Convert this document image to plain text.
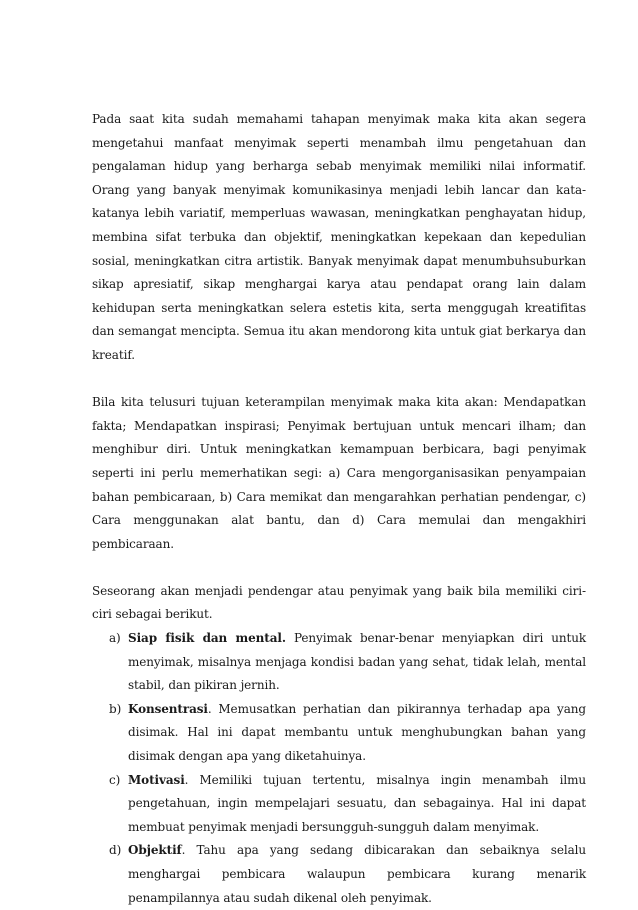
Pada saat kita sudah memahami tahapan menyimak maka kita akan segera mengetahui manfaat menyimak seperti menambah ilmu pengetahuan dan pengalaman hidup yang berharga sebab menyimak memiliki nilai informatif. Orang yang banyak menyimak komunikasinya menjadi lebih lancar dan kata-katanya lebih variatif, memperluas wawasan, meningkatkan penghayatan hidup, membina sifat terbuka dan objektif, meningkatkan kepekaan dan kepedulian sosial, meningkatkan citra artistik. Banyak menyimak dapat menumbuhsuburkan sikap apresiatif, sikap menghargai karya atau pendapat orang lain dalam kehidupan serta meningkatkan selera estetis kita, serta menggugah kreatifitas dan semangat mencipta. Semua itu akan mendorong kita untuk giat berkarya dan kreatif.

Bila kita telusuri tujuan keterampilan menyimak maka kita akan: Mendapatkan fakta; Mendapatkan inspirasi; Penyimak bertujuan untuk mencari ilham; dan menghibur diri. Untuk meningkatkan kemampuan berbicara, bagi penyimak seperti ini perlu memerhatikan segi: a) Cara mengorganisasikan penyampaian bahan pembicaraan, b) Cara memikat dan mengarahkan perhatian pendengar, c) Cara menggunakan alat bantu, dan d) Cara memulai dan mengakhiri pembicaraan.

Seseorang akan menjadi pendengar atau penyimak yang baik bila memiliki ciri-ciri sebagai berikut.

a) Siap fisik dan mental. Penyimak benar-benar menyiapkan diri untuk menyimak, misalnya menjaga kondisi badan yang sehat, tidak lelah, mental stabil, dan pikiran jernih.
b) Konsentrasi. Memusatkan perhatian dan pikirannya terhadap apa yang disimak. Hal ini dapat membantu untuk menghubungkan bahan yang disimak dengan apa yang diketahuinya.
c) Motivasi. Memiliki tujuan tertentu, misalnya ingin menambah ilmu pengetahuan, ingin mempelajari sesuatu, dan sebagainya. Hal ini dapat membuat penyimak menjadi bersungguh-sungguh dalam menyimak.
d) Objektif. Tahu apa yang sedang dibicarakan dan sebaiknya selalu menghargai pembicara walaupun pembicara kurang menarik penampilannya atau sudah dikenal oleh penyimak.
